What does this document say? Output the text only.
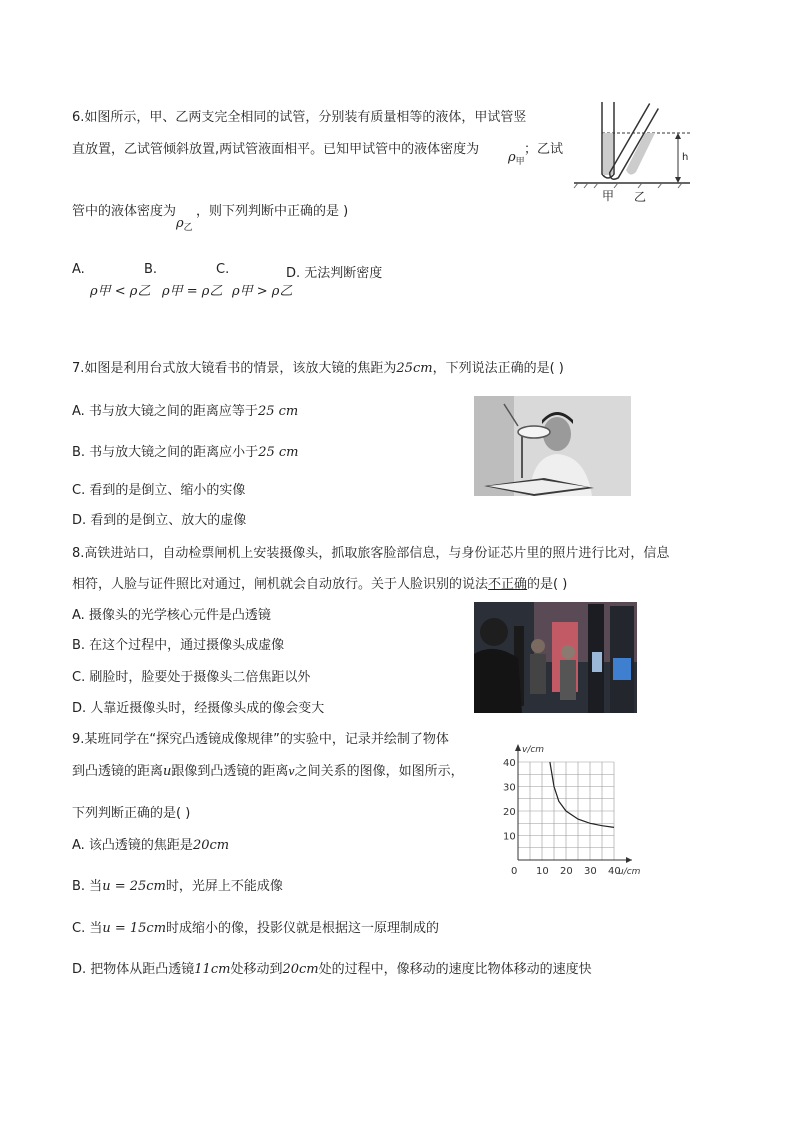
6.如图所示，甲、乙两支完全相同的试管，分别装有质量相等的液体，甲试管竖
直放置，乙试管倾斜放置,两试管液面相平。已知甲试管中的液体密度为
$\rho_甲$
；乙试
管中的液体密度为 ，则下列判断中正确的是 )
$\rho_乙$
A.	B.	C.	D. 无法判断密度
ρ甲 < ρ乙 ρ甲 = ρ乙 ρ甲 > ρ乙
甲 乙
h
7.如图是利用台式放大镜看书的情景，该放大镜的焦距为25cm，下列说法正确的是( )
A. 书与放大镜之间的距离应等于25 cm
B. 书与放大镜之间的距离应小于25 cm
C. 看到的是倒立、缩小的实像
D. 看到的是倒立、放大的虚像
8.高铁进站口，自动检票闸机上安装摄像头，抓取旅客脸部信息，与身份证芯片里的照片进行比对，信息
相符，人脸与证件照比对通过，闸机就会自动放行。关于人脸识别的说法不正确的是( )
A. 摄像头的光学核心元件是凸透镜
B. 在这个过程中，通过摄像头成虚像
C. 刷脸时，脸要处于摄像头二倍焦距以外
D. 人靠近摄像头时，经摄像头成的像会变大
9.某班同学在“探究凸透镜成像规律”的实验中，记录并绘制了物体
到凸透镜的距离u跟像到凸透镜的距离v之间关系的图像，如图所示，
下列判断正确的是( )
A. 该凸透镜的焦距是20cm
B. 当u = 25cm时，光屏上不能成像
C. 当u = 15cm时成缩小的像，投影仪就是根据这一原理制成的
D. 把物体从距凸透镜11cm处移动到20cm处的过程中，像移动的速度比物体移动的速度快
0 10 20 30 40
10
20
30
40
u/cm
v/cm
